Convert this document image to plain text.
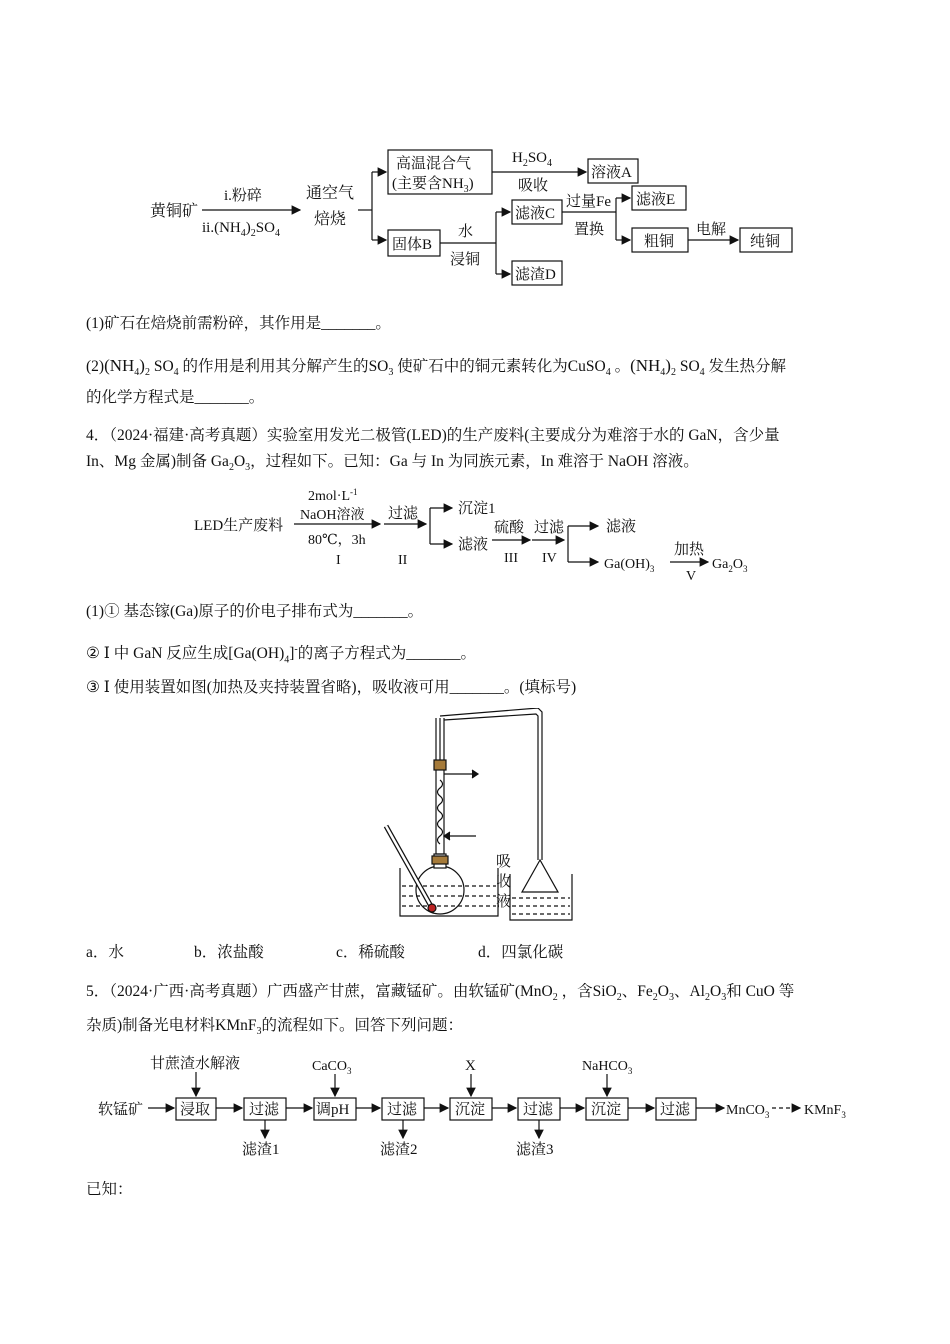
黄铜矿
i.粉碎
$ii.(NH_4)_2SO_4$
通空气
焙烧
高温混合气
(主要含$NH_3$)
$H_2SO_4$
吸收
溶液A
固体B
水
浸铜
滤液C
滤渣D
过量Fe
置换
滤液E
粗铜
电解
纯铜
(1)矿石在焙烧前需粉碎，其作用是_______。
$(2)(NH_4)_2$ $SO_4$ 的作用是利用其分解产生的$SO_3$ 使矿石中的铜元素转化为CuSO$_4$ 。$(NH_4)_2$ $SO_4$ 发生热分解
的化学方程式是_______。
4．（2024·福建·高考真题）实验室用发光二极管(LED)的生产废料(主要成分为难溶于水的 GaN，含少量
In、Mg 金属)制备 $Ga_2O_3$，过程如下。已知：Ga 与 In 为同族元素，In 难溶于 NaOH 溶液。
LED生产废料
$2mol\cdot L^{-1}$
NaOH溶液
80℃，3h
I
过滤
II
沉淀1
滤液
硫酸
III
过滤
IV
滤液
$Ga(OH)_3$
加热
V
$Ga_2O_3$
(1)① 基态镓(Ga)原子的价电子排布式为_______。
② Ⅰ 中 GaN 反应生成$[Ga(OH)_4]^-$的离子方程式为_______。
③ Ⅰ 使用装置如图(加热及夹持装置省略)，吸收液可用_______。(填标号)
吸
收
液
a．水	b．浓盐酸	c．稀硫酸	d．四氯化碳
5．（2024·广西·高考真题）广西盛产甘蔗，富藏锰矿。由软锰矿(MnO$_2$ ，含SiO$_2$、$Fe_2O_3$、$Al_2O_3$和 CuO 等
杂质)制备光电材料KMnF$_3$的流程如下。回答下列问题：
软锰矿
甘蔗渣水解液
浸取	过滤
滤渣1
CaCO$_3$
调pH	过滤
滤渣2
X
沉淀	过滤
滤渣3
NaHCO$_3$
沉淀	过滤	MnCO$_3$ KMnF$_3$
已知：
